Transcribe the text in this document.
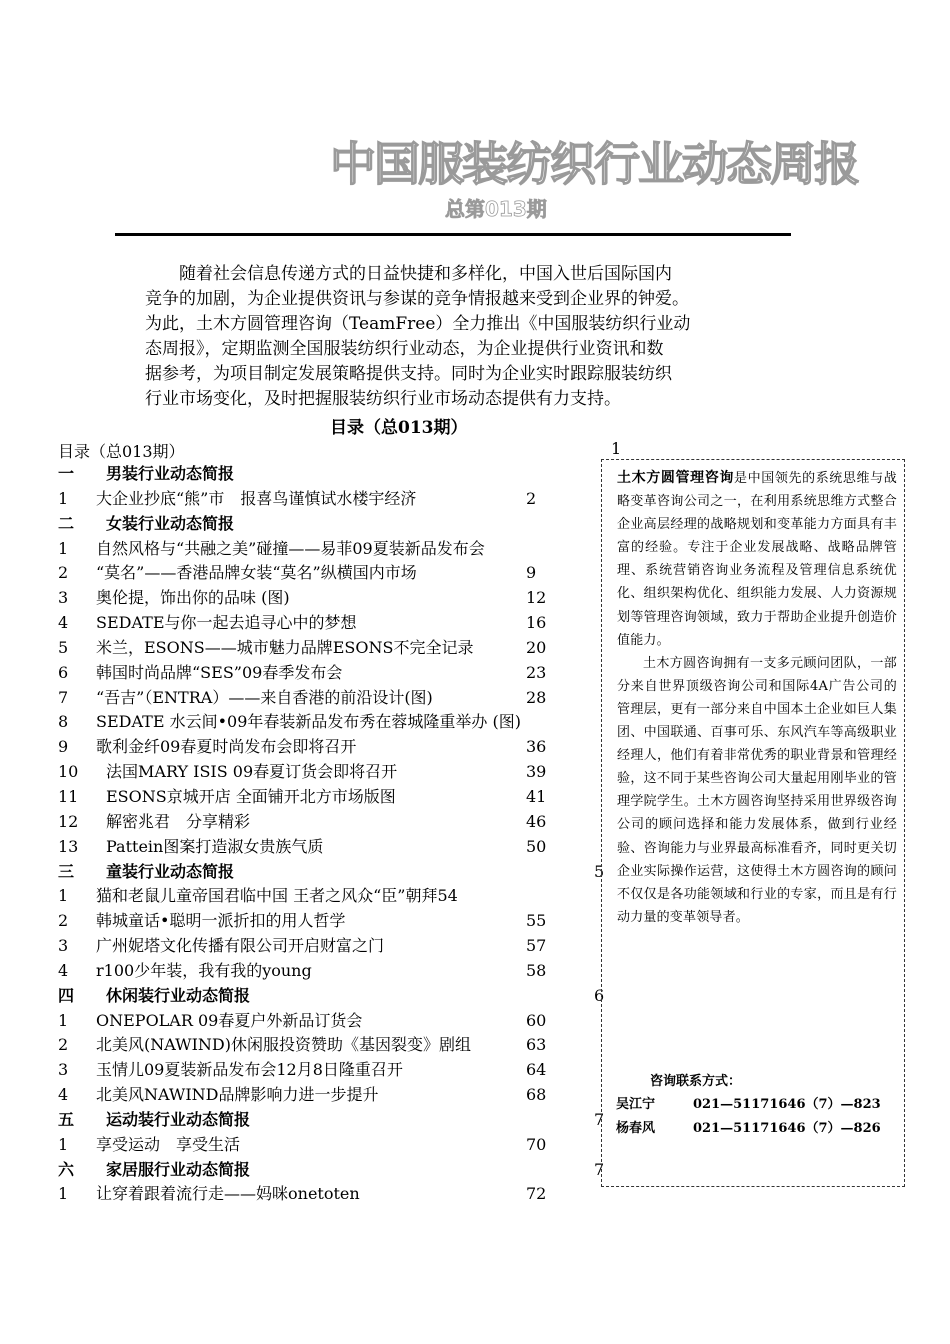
中国服装纺织行业动态周报
总第013期
　　随着社会信息传递方式的日益快捷和多样化，中国入世后国际国内
竞争的加剧，为企业提供资讯与参谋的竞争情报越来受到企业界的钟爱。
为此，土木方圆管理咨询（TeamFree）全力推出《中国服装纺织行业动
态周报》，定期监测全国服装纺织行业动态，为企业提供行业资讯和数
据参考，为项目制定发展策略提供支持。同时为企业实时跟踪服装纺织
行业市场变化，及时把握服装纺织行业市场动态提供有力支持。
目录（总013期）
目录（总013期）	1
一 男装行业动态简报
1 大企业抄底“熊”市　报喜鸟谨慎试水楼宇经济	2
二 女装行业动态简报
1 自然风格与“共融之美”碰撞——易菲09夏装新品发布会
2 “莫名”——香港品牌女装“莫名”纵横国内市场	9
3 奥伦提，饰出你的品味 (图)	12
4 SEDATE与你一起去追寻心中的梦想	16
5 米兰，ESONS——城市魅力品牌ESONS不完全记录	20
6 韩国时尚品牌“SES”09春季发布会	23
7 “吾吉”（ENTRA）——来自香港的前沿设计(图)	28
8 SEDATE 水云间•09年春装新品发布秀在蓉城隆重举办 (图)
9 歌利金纤09春夏时尚发布会即将召开	36
10 法国MARY ISIS 09春夏订货会即将召开	39
11 ESONS京城开店 全面铺开北方市场版图	41
12 解密兆君　分享精彩	46
13 Pattein图案打造淑女贵族气质	50
三 童装行业动态简报	5
1 猫和老鼠儿童帝国君临中国 王者之风众“臣”朝拜54
2 韩城童话•聪明一派折扣的用人哲学	55
3 广州妮塔文化传播有限公司开启财富之门	57
4 r100少年装，我有我的young	58
四 休闲装行业动态简报	6
1 ONEPOLAR 09春夏户外新品订货会	60
2 北美风(NAWIND)休闲服投资赞助《基因裂变》剧组	63
3 玉情儿09夏装新品发布会12月8日隆重召开	64
4 北美风NAWIND品牌影响力进一步提升	68
五 运动装行业动态简报	7
1 享受运动　享受生活	70
六 家居服行业动态简报	7
1 让穿着跟着流行走——妈咪onetoten	72

土木方圆管理咨询是中国领先的系统思维与战略变革咨询公司之一，在利用系统思维方式整合企业高层经理的战略规划和变革能力方面具有丰富的经验。专注于企业发展战略、战略品牌管理、系统营销咨询业务流程及管理信息系统优化、组织架构优化、组织能力发展、人力资源规划等管理咨询领域，致力于帮助企业提升创造价值能力。

土木方圆咨询拥有一支多元顾问团队，一部分来自世界顶级咨询公司和国际4A广告公司的管理层，更有一部分来自中国本土企业如巨人集团、中国联通、百事可乐、东风汽车等高级职业经理人，他们有着非常优秀的职业背景和管理经验，这不同于某些咨询公司大量起用刚毕业的管理学院学生。土木方圆咨询坚持采用世界级咨询公司的顾问选择和能力发展体系，做到行业经验、咨询能力与业界最高标准看齐，同时更关切企业实际操作运营，这使得土木方圆咨询的顾问不仅仅是各功能领域和行业的专家，而且是有行动力量的变革领导者。

咨询联系方式：
吴江宁	021—51171646（7）—823
杨春风	021—51171646（7）—826
